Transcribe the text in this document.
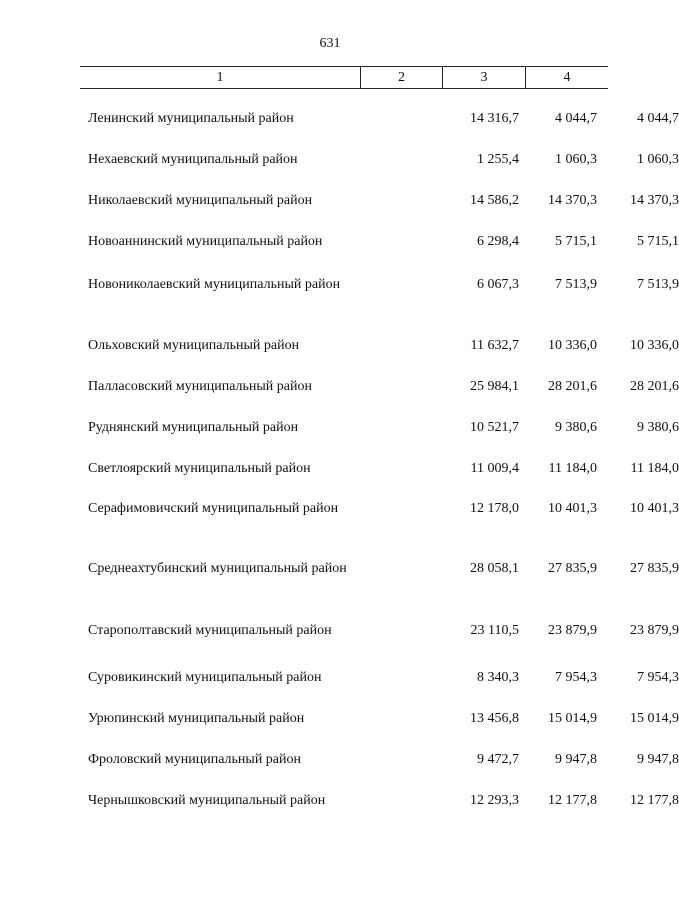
631
1	2	3	4
Ленинский муниципальный район	14 316,7	4 044,7	4 044,7
Нехаевский муниципальный район	1 255,4	1 060,3	1 060,3
Николаевский муниципальный район	14 586,2	14 370,3	14 370,3
Новоаннинский муниципальный район	6 298,4	5 715,1	5 715,1
Новониколаевский муниципальный район	6 067,3	7 513,9	7 513,9
Ольховский муниципальный район	11 632,7	10 336,0	10 336,0
Палласовский муниципальный район	25 984,1	28 201,6	28 201,6
Руднянский муниципальный район	10 521,7	9 380,6	9 380,6
Светлоярский муниципальный район	11 009,4	11 184,0	11 184,0
Серафимовичский муниципальный район	12 178,0	10 401,3	10 401,3
Среднеахтубинский муниципальный район	28 058,1	27 835,9	27 835,9
Старополтавский муниципальный район	23 110,5	23 879,9	23 879,9
Суровикинский муниципальный район	8 340,3	7 954,3	7 954,3
Урюпинский муниципальный район	13 456,8	15 014,9	15 014,9
Фроловский муниципальный район	9 472,7	9 947,8	9 947,8
Чернышковский муниципальный район	12 293,3	12 177,8	12 177,8
